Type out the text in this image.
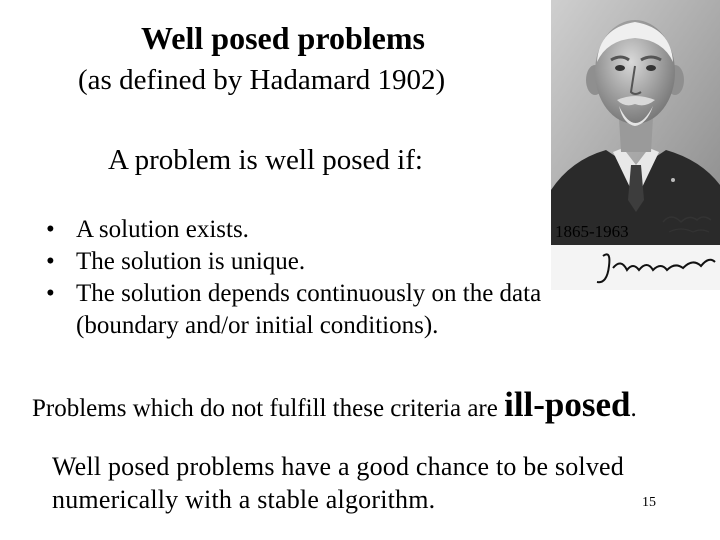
Well posed problems
(as defined by Hadamard 1902)
A problem is well posed if:
• A solution exists.
• The solution is unique.
• The solution depends continuously on the data
(boundary and/or initial conditions).
Problems which do not fulfill these criteria are ill-posed.
Well posed problems have a good chance to be solved
numerically with a stable algorithm.	15
1865-1963
